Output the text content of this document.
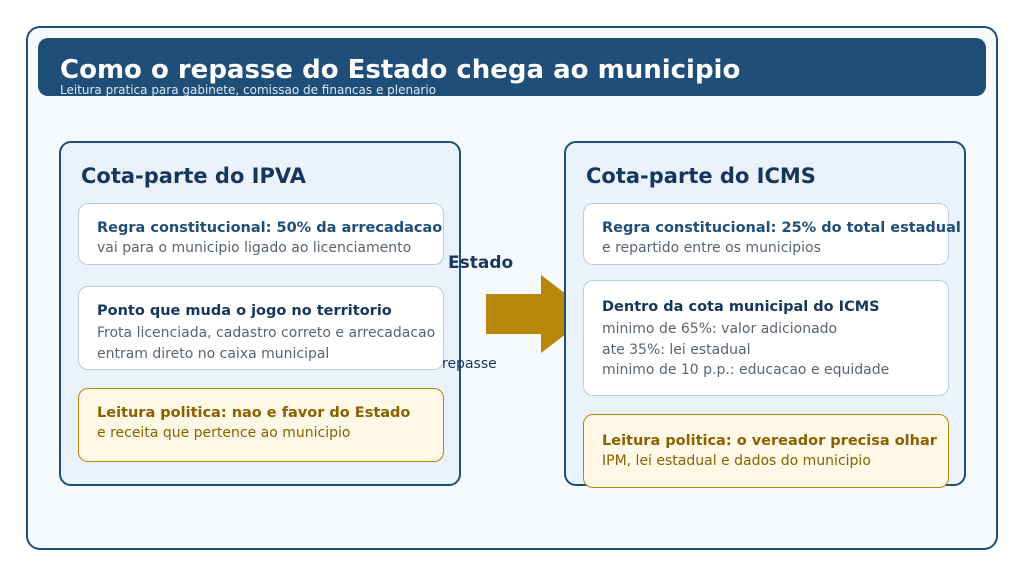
Como o repasse do Estado chega ao municipio
Leitura pratica para gabinete, comissao de financas e plenario
Cota-parte do IPVA
Regra constitucional: 50% da arrecadacao
vai para o municipio ligado ao licenciamento
Ponto que muda o jogo no territorio
Frota licenciada, cadastro correto e arrecadacao
entram direto no caixa municipal
Leitura politica: nao e favor do Estado
e receita que pertence ao municipio
Estado
repasse
Cota-parte do ICMS
Regra constitucional: 25% do total estadual
e repartido entre os municipios
Dentro da cota municipal do ICMS
minimo de 65%: valor adicionado
ate 35%: lei estadual
minimo de 10 p.p.: educacao e equidade
Leitura politica: o vereador precisa olhar
IPM, lei estadual e dados do municipio
